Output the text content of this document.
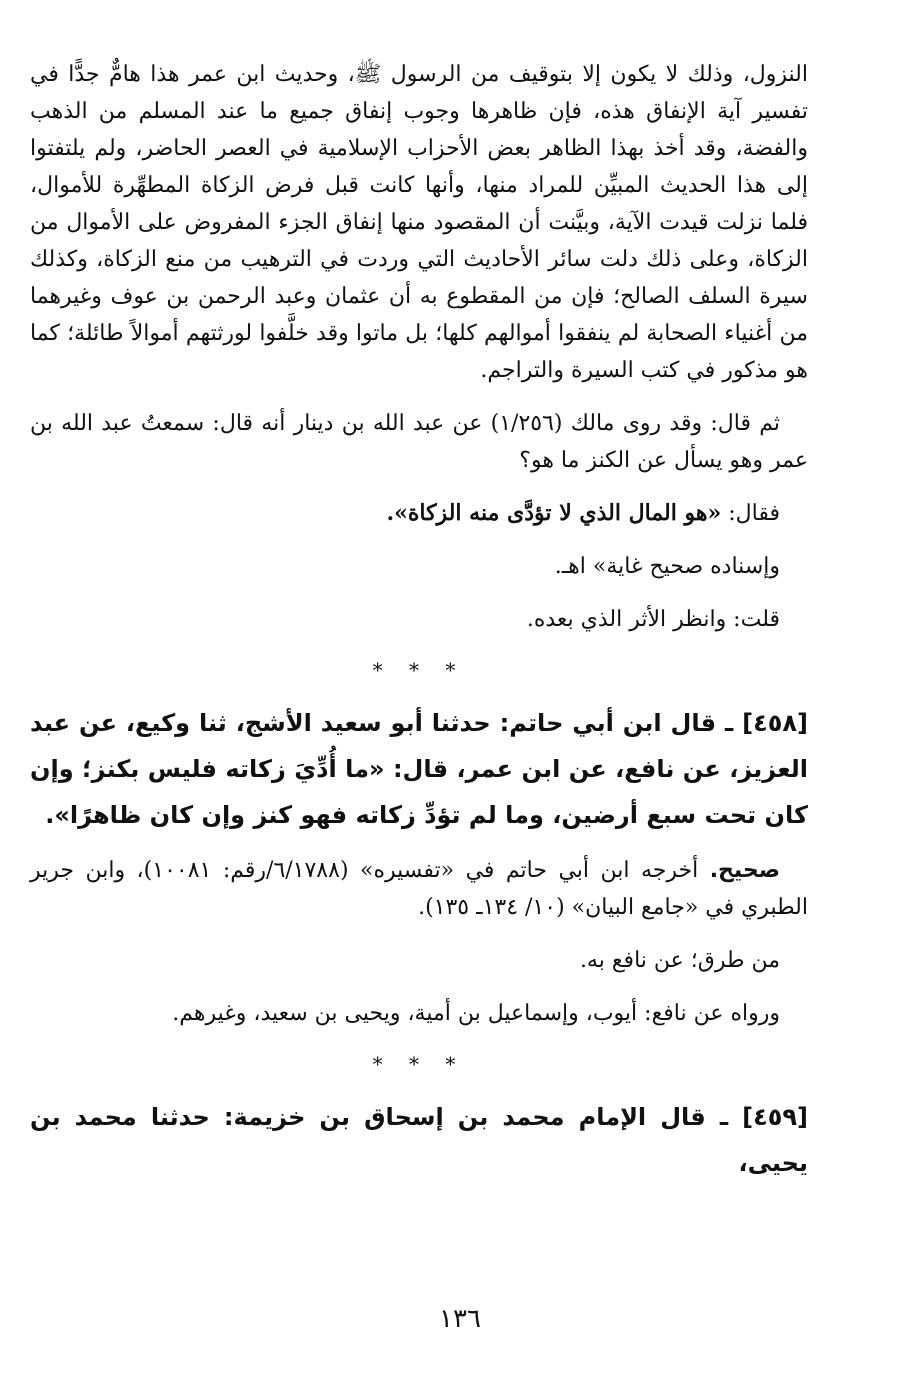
النزول، وذلك لا يكون إلا بتوقيف من الرسول ﷺ، وحديث ابن عمر هذا هامٌّ جدًّا في تفسير آية الإنفاق هذه، فإن ظاهرها وجوب إنفاق جميع ما عند المسلم من الذهب والفضة، وقد أخذ بهذا الظاهر بعض الأحزاب الإسلامية في العصر الحاضر، ولم يلتفتوا إلى هذا الحديث المبيِّن للمراد منها، وأنها كانت قبل فرض الزكاة المطهِّرة للأموال، فلما نزلت قيدت الآية، وبيَّنت أن المقصود منها إنفاق الجزء المفروض على الأموال من الزكاة، وعلى ذلك دلت سائر الأحاديث التي وردت في الترهيب من منع الزكاة، وكذلك سيرة السلف الصالح؛ فإن من المقطوع به أن عثمان وعبد الرحمن بن عوف وغيرهما من أغنياء الصحابة لم ينفقوا أموالهم كلها؛ بل ماتوا وقد خلَّفوا لورثتهم أموالاً طائلة؛ كما هو مذكور في كتب السيرة والتراجم.

ثم قال: وقد روى مالك (١/٢٥٦) عن عبد الله بن دينار أنه قال: سمعتُ عبد الله بن عمر وهو يسأل عن الكنز ما هو؟

فقال: «هو المال الذي لا تؤدَّى منه الزكاة».

وإسناده صحيح غاية» اهـ.

قلت: وانظر الأثر الذي بعده.

* * *

[٤٥٨] ـ قال ابن أبي حاتم: حدثنا أبو سعيد الأشج، ثنا وكيع، عن عبد العزيز، عن نافع، عن ابن عمر، قال: «ما أُدِّيَ زكاته فليس بكنز؛ وإن كان تحت سبع أرضين، وما لم تؤدِّ زكاته فهو كنز وإن كان ظاهرًا».

صحيح. أخرجه ابن أبي حاتم في «تفسيره» (٦/١٧٨٨/رقم: ١٠٠٨١)، وابن جرير الطبري في «جامع البيان» (١٠/ ١٣٤ـ ١٣٥).

من طرق؛ عن نافع به.

ورواه عن نافع: أيوب، وإسماعيل بن أمية، ويحيى بن سعيد، وغيرهم.

* * *

[٤٥٩] ـ قال الإمام محمد بن إسحاق بن خزيمة: حدثنا محمد بن يحيى،

١٣٦
